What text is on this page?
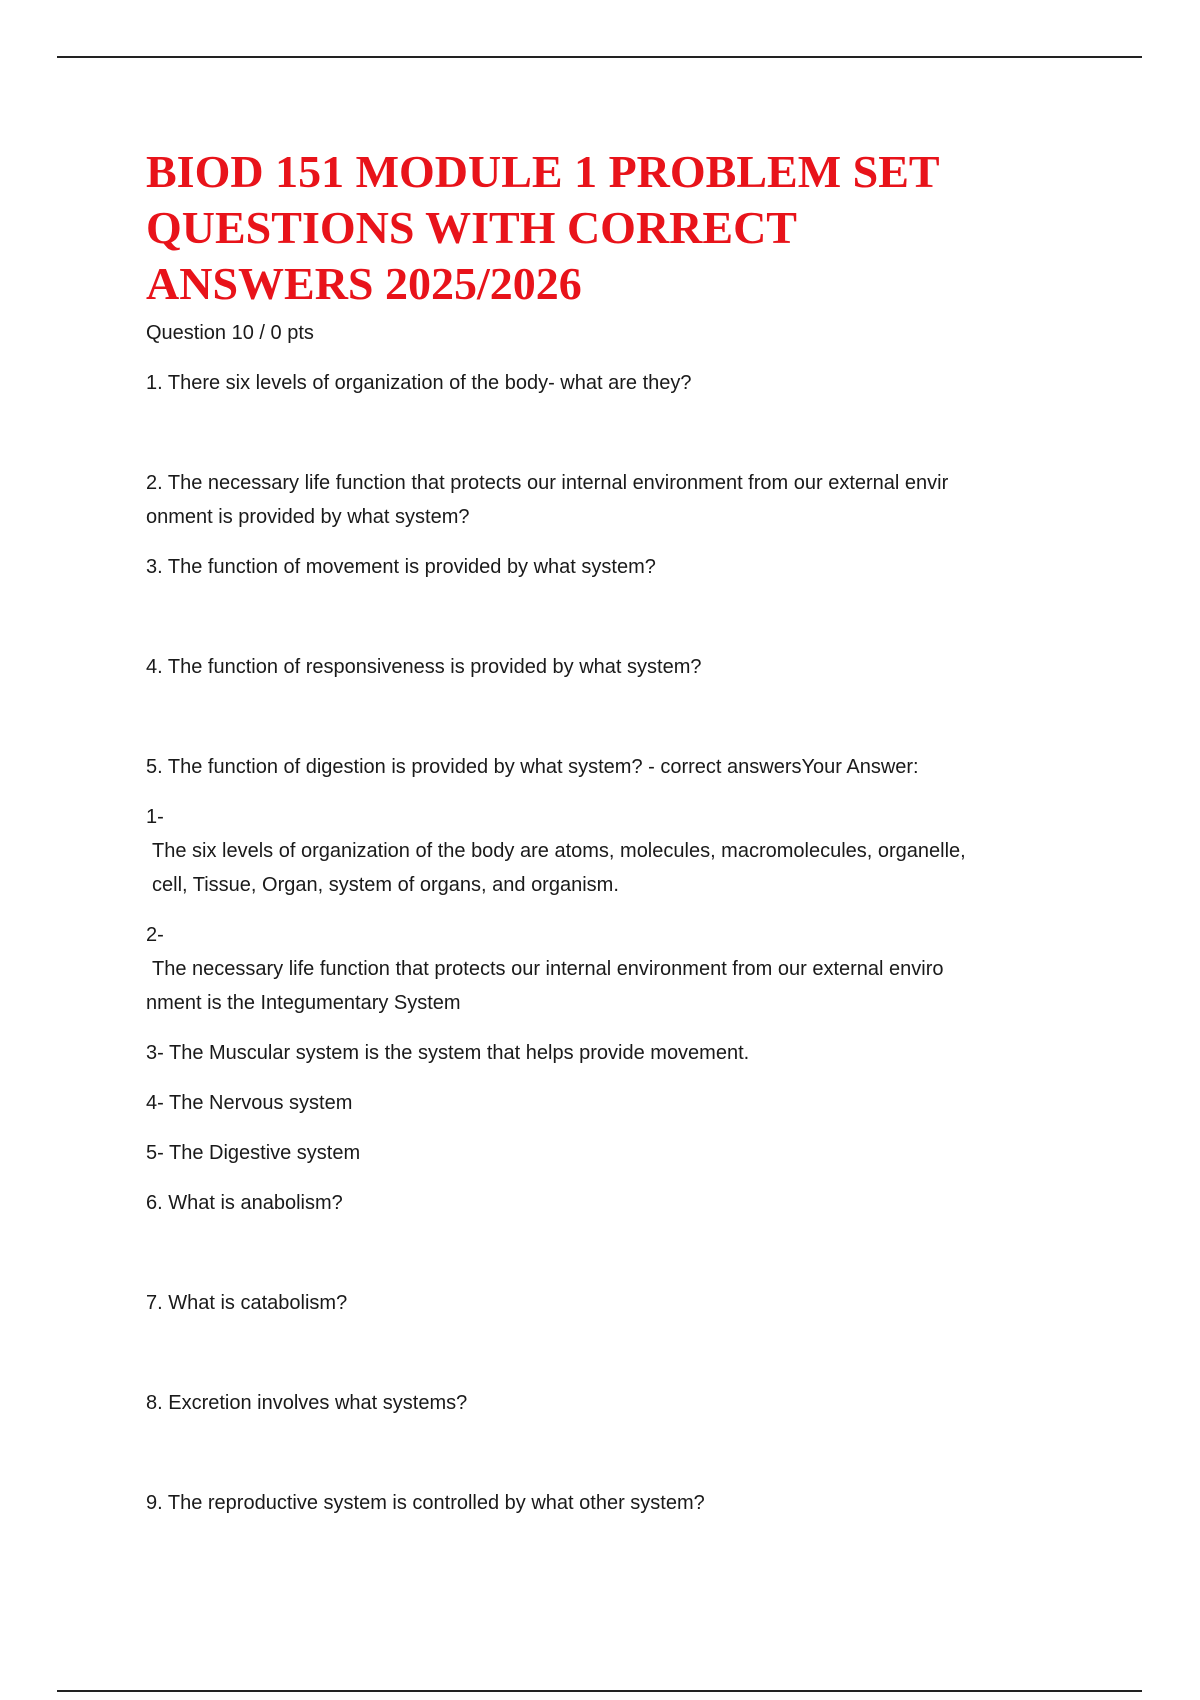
BIOD 151 MODULE 1 PROBLEM SET
QUESTIONS WITH CORRECT
ANSWERS 2025/2026

Question 10 / 0 pts

1. There six levels of organization of the body- what are they?

2. The necessary life function that protects our internal environment from our external envir

onment is provided by what system?

3. The function of movement is provided by what system?

4. The function of responsiveness is provided by what system?

5. The function of digestion is provided by what system? - correct answersYour Answer:

1-

The six levels of organization of the body are atoms, molecules, macromolecules, organelle,

cell, Tissue, Organ, system of organs, and organism.

2-

The necessary life function that protects our internal environment from our external enviro

nment is the Integumentary System

3- The Muscular system is the system that helps provide movement.

4- The Nervous system

5- The Digestive system

6. What is anabolism?

7. What is catabolism?

8. Excretion involves what systems?

9. The reproductive system is controlled by what other system?
